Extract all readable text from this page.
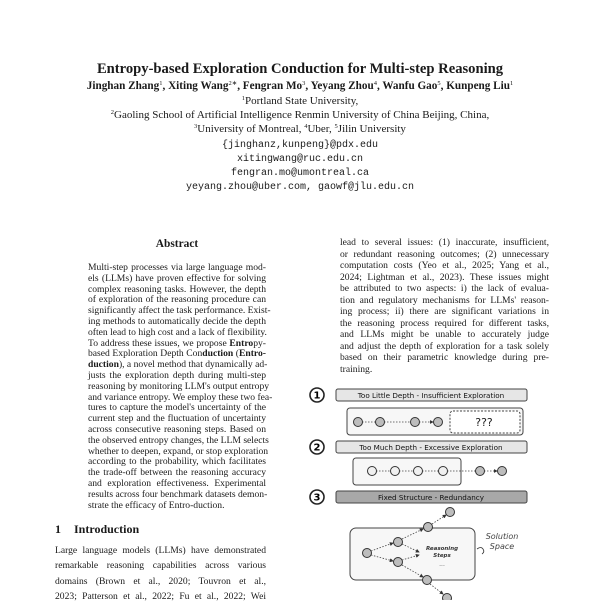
Entropy-based Exploration Conduction for Multi-step Reasoning
Jinghan Zhang$^1$, Xiting Wang$^{2∗}$, Fengran Mo$^3$, Yeyang Zhou$^4$, Wanfu Gao$^5$, Kunpeng Liu$^1$
$^1$Portland State University,
$^2$Gaoling School of Artificial Intelligence Renmin University of China Beijing, China,
$^3$University of Montreal, $^4$Uber, $^5$Jilin University
{jinghanz,kunpeng}@pdx.edu
xitingwang@ruc.edu.cn
fengran.mo@umontreal.ca
yeyang.zhou@uber.com, gaowf@jlu.edu.cn
Abstract
Multi-step processes via large language mod-
els (LLMs) have proven effective for solving
complex reasoning tasks. However, the depth
of exploration of the reasoning procedure can
significantly affect the task performance. Exist-
ing methods to automatically decide the depth
often lead to high cost and a lack of flexibility.
To address these issues, we propose Entropy-
based Exploration Depth Conduction (Entro-
duction), a novel method that dynamically ad-
justs the exploration depth during multi-step
reasoning by monitoring LLM's output entropy
and variance entropy. We employ these two fea-
tures to capture the model's uncertainty of the
current step and the fluctuation of uncertainty
across consecutive reasoning steps. Based on
the observed entropy changes, the LLM selects
whether to deepen, expand, or stop exploration
according to the probability, which facilitates
the trade-off between the reasoning accuracy
and exploration effectiveness. Experimental
results across four benchmark datasets demon-
strate the efficacy of Entro-duction.
1 Introduction
Large language models (LLMs) have demonstrated
remarkable reasoning capabilities across various
domains (Brown et al., 2020; Touvron et al.,
2023; Patterson et al., 2022; Fu et al., 2022; Wei
lead to several issues: (1) inaccurate, insufficient,
or redundant reasoning outcomes; (2) unnecessary
computation costs (Yeo et al., 2025; Yang et al.,
2024; Lightman et al., 2023). These issues might
be attributed to two aspects: i) the lack of evalua-
tion and regulatory mechanisms for LLMs' reason-
ing process; ii) there are significant variations in
the reasoning process required for different tasks,
and LLMs might be unable to accurately judge
and adjust the depth of exploration for a task solely
based on their parametric knowledge during pre-
training.
1	Too Little Depth - Insufficient Exploration
2	Too Much Depth - Excessive Exploration
3	Fixed Structure - Redundancy
???
Reasoning
Steps
...
Solution
Space
